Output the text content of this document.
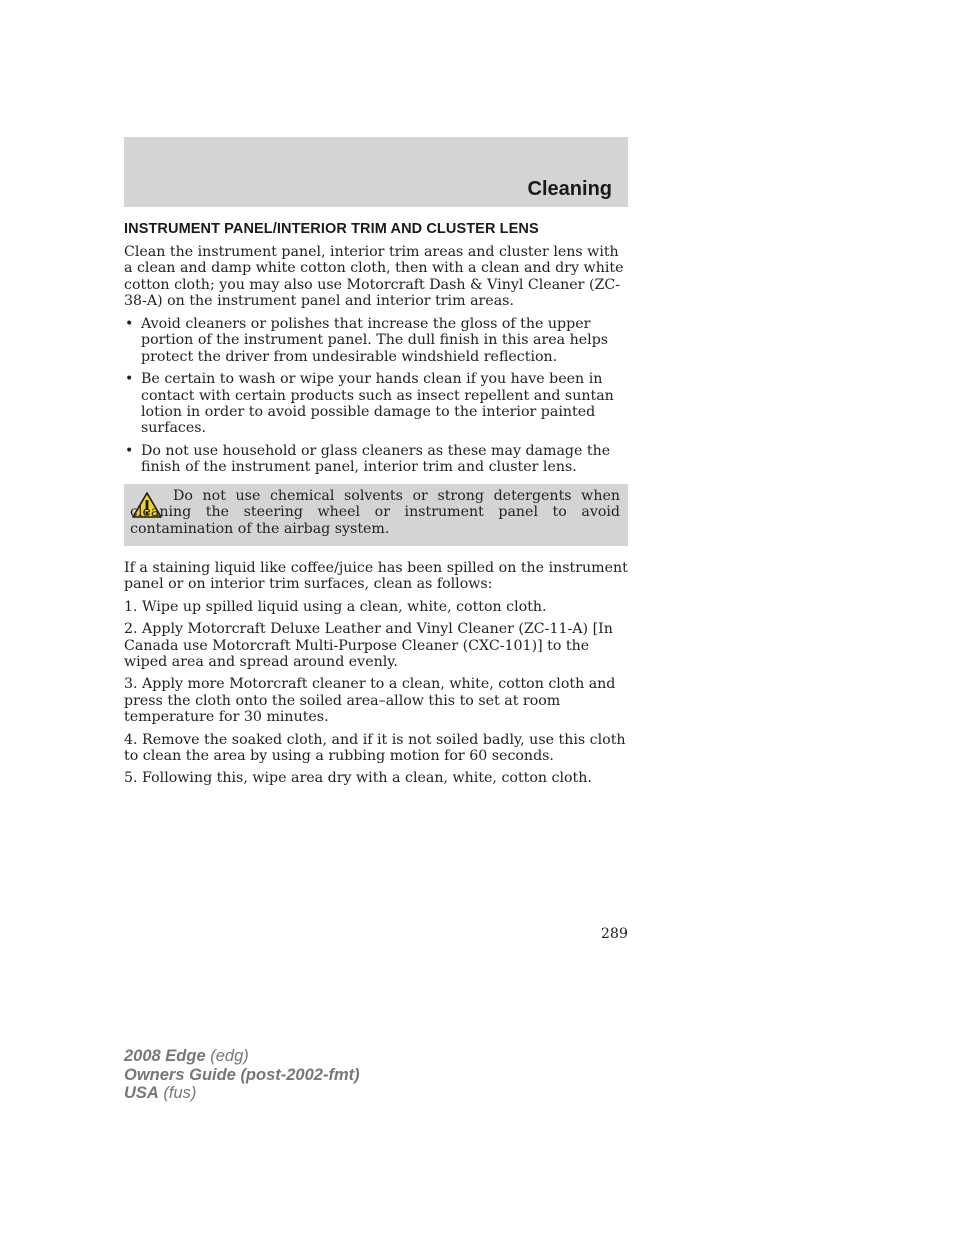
Cleaning
INSTRUMENT PANEL/INTERIOR TRIM AND CLUSTER LENS

Clean the instrument panel, interior trim areas and cluster lens with a clean and damp white cotton cloth, then with a clean and dry white cotton cloth; you may also use Motorcraft Dash & Vinyl Cleaner (ZC-38-A) on the instrument panel and interior trim areas.

• Avoid cleaners or polishes that increase the gloss of the upper portion of the instrument panel. The dull finish in this area helps protect the driver from undesirable windshield reflection.
• Be certain to wash or wipe your hands clean if you have been in contact with certain products such as insect repellent and suntan lotion in order to avoid possible damage to the interior painted surfaces.
• Do not use household or glass cleaners as these may damage the finish of the instrument panel, interior trim and cluster lens.

Do not use chemical solvents or strong detergents when cleaning the steering wheel or instrument panel to avoid contamination of the airbag system.

If a staining liquid like coffee/juice has been spilled on the instrument panel or on interior trim surfaces, clean as follows:

1. Wipe up spilled liquid using a clean, white, cotton cloth.

2. Apply Motorcraft Deluxe Leather and Vinyl Cleaner (ZC-11-A) [In Canada use Motorcraft Multi-Purpose Cleaner (CXC-101)] to the wiped area and spread around evenly.

3. Apply more Motorcraft cleaner to a clean, white, cotton cloth and press the cloth onto the soiled area–allow this to set at room temperature for 30 minutes.

4. Remove the soaked cloth, and if it is not soiled badly, use this cloth to clean the area by using a rubbing motion for 60 seconds.

5. Following this, wipe area dry with a clean, white, cotton cloth.

289
2008 Edge (edg)
Owners Guide (post-2002-fmt)
USA (fus)
